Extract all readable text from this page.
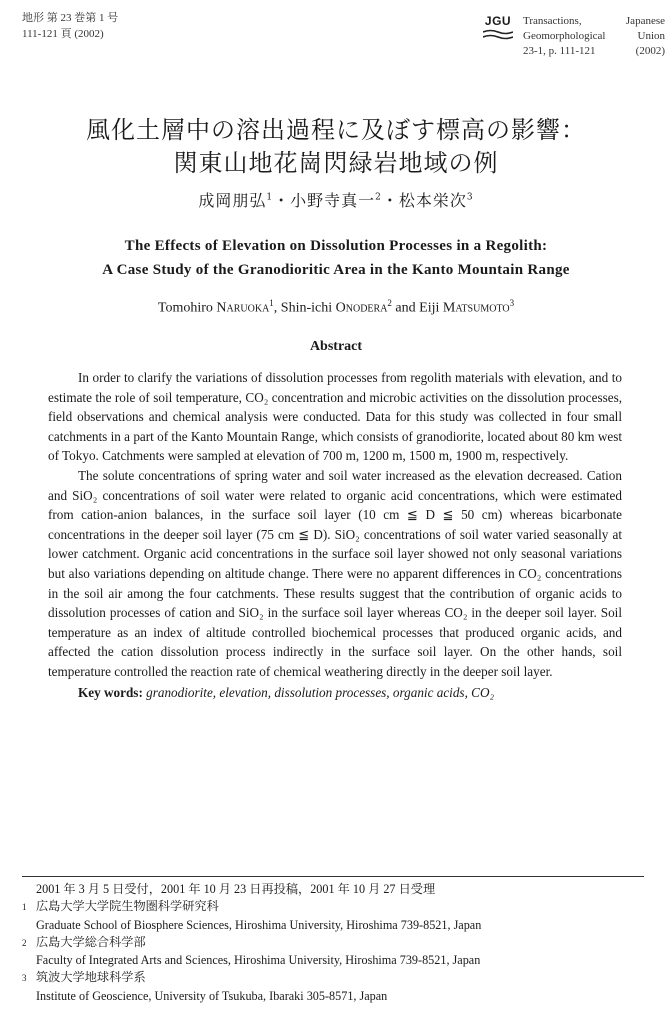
地形 第 23 巻第 1 号
111-121 頁 (2002)
JGU	Transactions,	Japanese
Geomorphological	Union
23-1, p. 111-121	(2002)
風化土層中の溶出過程に及ぼす標高の影響：
関東山地花崗閃緑岩地域の例
成岡朋弘$^1$・小野寺真一$^2$・松本栄次$^3$
The Effects of Elevation on Dissolution Processes in a Regolith:
A Case Study of the Granodioritic Area in the Kanto Mountain Range
Tomohiro Naruoka$^1$, Shin-ichi Onodera$^2$ and Eiji Matsumoto$^3$
Abstract

In order to clarify the variations of dissolution processes from regolith materials with elevation, and to estimate the role of soil temperature, CO₂ concentration and microbic activities on the dissolution processes, field observations and chemical analysis were conducted. Data for this study was collected in four small catchments in a part of the Kanto Mountain Range, which consists of granodiorite, located about 80 km west of Tokyo. Catchments were sampled at elevation of 700 m, 1200 m, 1500 m, 1900 m, respectively.

The solute concentrations of spring water and soil water increased as the elevation decreased. Cation and SiO₂ concentrations of soil water were related to organic acid concentrations, which were estimated from cation-anion balances, in the surface soil layer (10 cm ≦ D ≦ 50 cm) whereas bicarbonate concentrations in the deeper soil layer (75 cm ≦ D). SiO₂ concentrations of soil water varied seasonally at lower catchment. Organic acid concentrations in the surface soil layer showed not only seasonal variations but also variations depending on altitude change. There were no apparent differences in CO₂ concentrations in the soil air among the four catchments. These results suggest that the contribution of organic acids to dissolution processes of cation and SiO₂ in the surface soil layer whereas CO₂ in the deeper soil layer. Soil temperature as an index of altitude controlled biochemical processes that produced organic acids, and affected the cation dissolution process indirectly in the surface soil layer. On the other hands, soil temperature controlled the reaction rate of chemical weathering directly in the deeper soil layer.

Key words: granodiorite, elevation, dissolution processes, organic acids, CO₂
2001 年 3 月 5 日受付，2001 年 10 月 23 日再投稿，2001 年 10 月 27 日受理
1 広島大学大学院生物圏科学研究科
Graduate School of Biosphere Sciences, Hiroshima University, Hiroshima 739-8521, Japan
2 広島大学総合科学部
Faculty of Integrated Arts and Sciences, Hiroshima University, Hiroshima 739-8521, Japan
3 筑波大学地球科学系
Institute of Geoscience, University of Tsukuba, Ibaraki 305-8571, Japan
